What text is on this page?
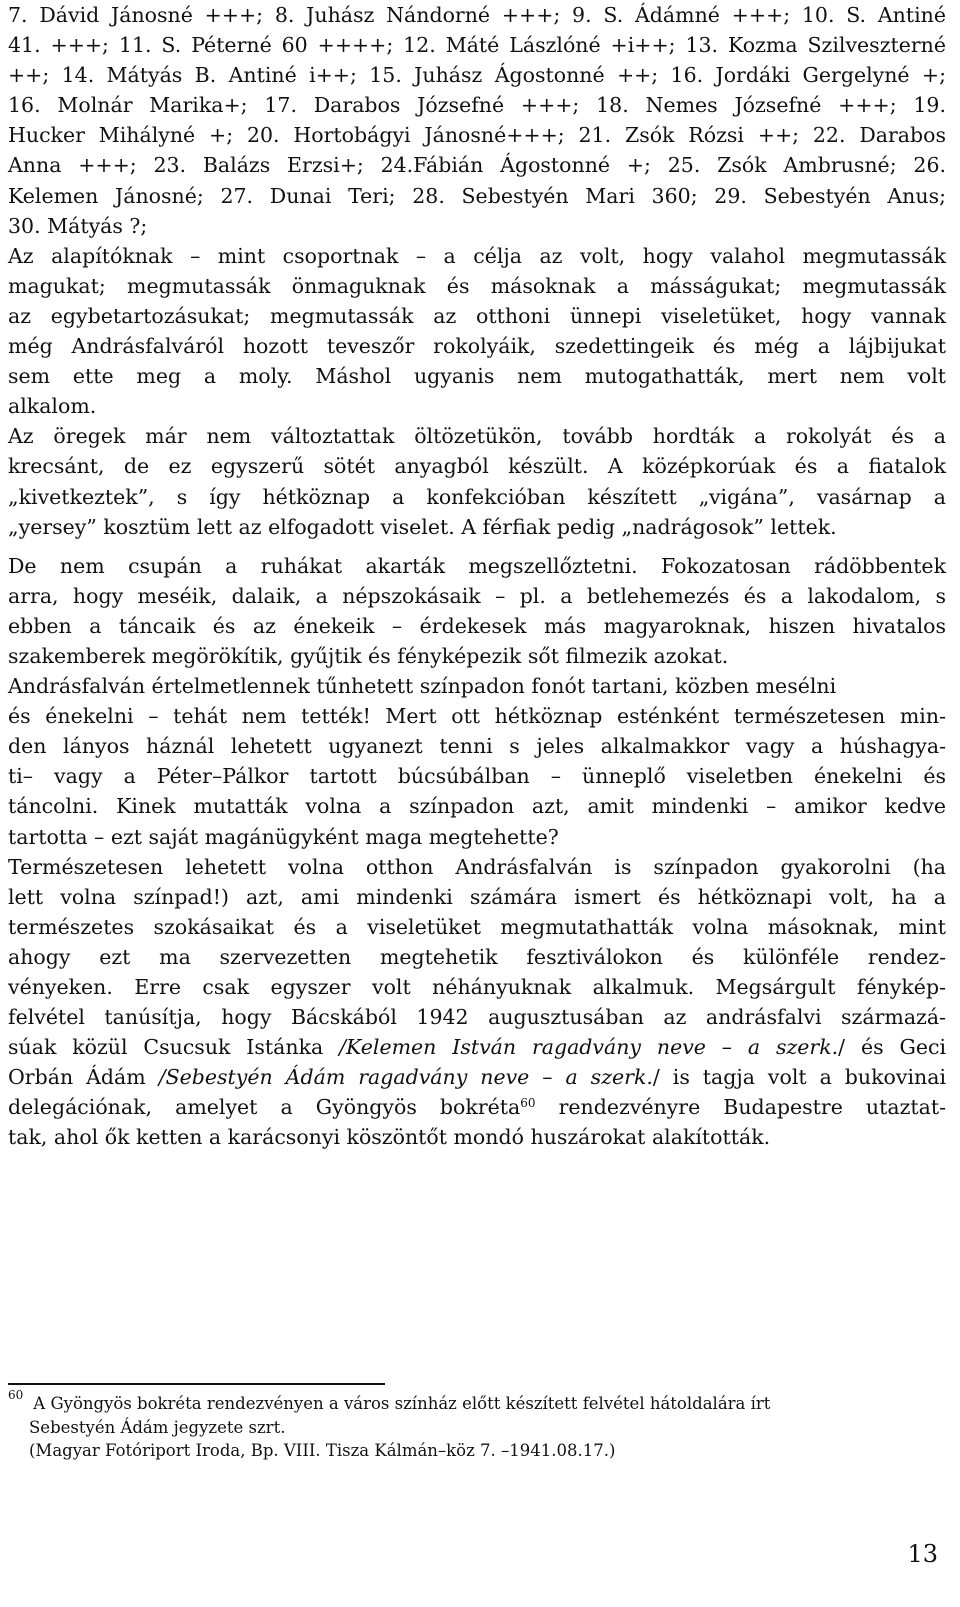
7. Dávid Jánosné +++; 8. Juhász Nándorné +++; 9. S. Ádámné +++; 10. S. Antiné
41. +++; 11. S. Péterné 60 ++++; 12. Máté Lászlóné +i++; 13. Kozma Szilveszterné
++; 14. Mátyás B. Antiné i++; 15. Juhász Ágostonné ++; 16. Jordáki Gergelyné +;
16. Molnár Marika+; 17. Darabos Józsefné +++; 18. Nemes Józsefné +++; 19.
Hucker Mihályné +; 20. Hortobágyi Jánosné+++; 21. Zsók Rózsi ++; 22. Darabos
Anna +++; 23. Balázs Erzsi+; 24.Fábián Ágostonné +; 25. Zsók Ambrusné; 26.
Kelemen Jánosné; 27. Dunai Teri; 28. Sebestyén Mari 360; 29. Sebestyén Anus;
30. Mátyás ?;
Az alapítóknak – mint csoportnak – a célja az volt, hogy valahol megmutassák
magukat; megmutassák önmaguknak és másoknak a másságukat; megmutassák
az egybetartozásukat; megmutassák az otthoni ünnepi viseletüket, hogy vannak
még Andrásfalváról hozott teveszőr rokolyáik, szedettingeik és még a lájbijukat
sem ette meg a moly. Máshol ugyanis nem mutogathatták, mert nem volt
alkalom.
Az öregek már nem változtattak öltözetükön, tovább hordták a rokolyát és a
krecsánt, de ez egyszerű sötét anyagból készült. A középkorúak és a fiatalok
„kivetkeztek”, s így hétköznap a konfekcióban készített „vigána”, vasárnap a
„yersey” kosztüm lett az elfogadott viselet. A férfiak pedig „nadrágosok” lettek.
De nem csupán a ruhákat akarták megszellőztetni. Fokozatosan rádöbbentek
arra, hogy meséik, dalaik, a népszokásaik – pl. a betlehemezés és a lakodalom, s
ebben a táncaik és az énekeik – érdekesek más magyaroknak, hiszen hivatalos
szakemberek megörökítik, gyűjtik és fényképezik sőt filmezik azokat.
Andrásfalván értelmetlennek tűnhetett színpadon fonót tartani, közben mesélni
és énekelni – tehát nem tették! Mert ott hétköznap esténként természetesen min-
den lányos háznál lehetett ugyanezt tenni s jeles alkalmakkor vagy a húshagya-
ti– vagy a Péter–Pálkor tartott búcsúbálban – ünneplő viseletben énekelni és
táncolni. Kinek mutatták volna a színpadon azt, amit mindenki – amikor kedve
tartotta – ezt saját magánügyként maga megtehette?
Természetesen lehetett volna otthon Andrásfalván is színpadon gyakorolni (ha
lett volna színpad!) azt, ami mindenki számára ismert és hétköznapi volt, ha a
természetes szokásaikat és a viseletüket megmutathatták volna másoknak, mint
ahogy ezt ma szervezetten megtehetik fesztiválokon és különféle rendez-
vényeken. Erre csak egyszer volt néhányuknak alkalmuk. Megsárgult fénykép-
felvétel tanúsítja, hogy Bácskából 1942 augusztusában az andrásfalvi származá-
súak közül Csucsuk Istánka /Kelemen István ragadvány neve – a szerk./ és Geci
Orbán Ádám /Sebestyén Ádám ragadvány neve – a szerk./ is tagja volt a bukovinai
delegációnak, amelyet a Gyöngyös bokréta$^{60}$ rendezvényre Budapestre utaztat-
tak, ahol ők ketten a karácsonyi köszöntőt mondó huszárokat alakították.
$^{60}$ A Gyöngyös bokréta rendezvényen a város színház előtt készített felvétel hátoldalára írt
Sebestyén Ádám jegyzete szrt.
(Magyar Fotóriport Iroda, Bp. VIII. Tisza Kálmán–köz 7. –1941.08.17.)
13
